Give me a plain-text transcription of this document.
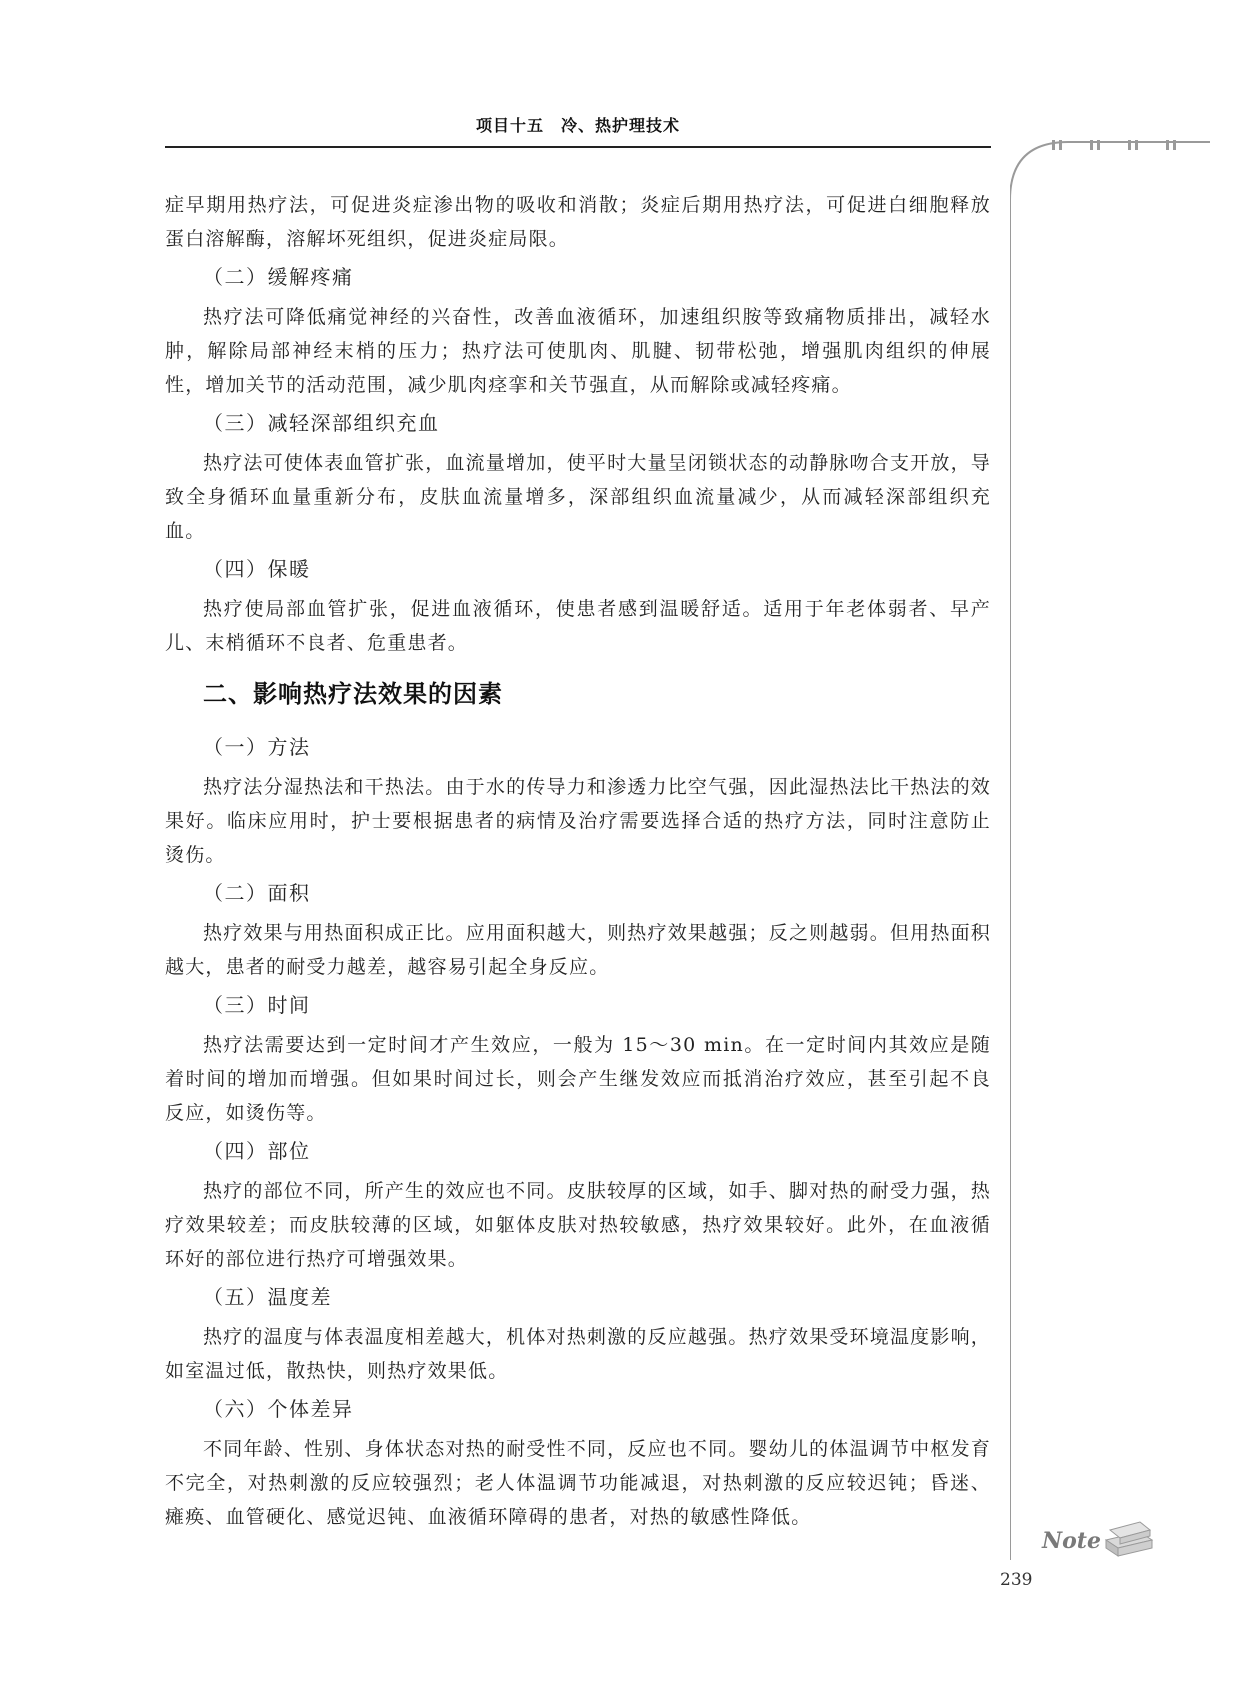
项目十五　冷、热护理技术

症早期用热疗法，可促进炎症渗出物的吸收和消散；炎症后期用热疗法，可促进白细胞释放蛋白溶解酶，溶解坏死组织，促进炎症局限。

（二）缓解疼痛

热疗法可降低痛觉神经的兴奋性，改善血液循环，加速组织胺等致痛物质排出，减轻水肿，解除局部神经末梢的压力；热疗法可使肌肉、肌腱、韧带松弛，增强肌肉组织的伸展性，增加关节的活动范围，减少肌肉痉挛和关节强直，从而解除或减轻疼痛。

（三）减轻深部组织充血

热疗法可使体表血管扩张，血流量增加，使平时大量呈闭锁状态的动静脉吻合支开放，导致全身循环血量重新分布，皮肤血流量增多，深部组织血流量减少，从而减轻深部组织充血。

（四）保暖

热疗使局部血管扩张，促进血液循环，使患者感到温暖舒适。适用于年老体弱者、早产儿、末梢循环不良者、危重患者。

二、影响热疗法效果的因素
（一）方法

热疗法分湿热法和干热法。由于水的传导力和渗透力比空气强，因此湿热法比干热法的效果好。临床应用时，护士要根据患者的病情及治疗需要选择合适的热疗方法，同时注意防止烫伤。

（二）面积

热疗效果与用热面积成正比。应用面积越大，则热疗效果越强；反之则越弱。但用热面积越大，患者的耐受力越差，越容易引起全身反应。

（三）时间

热疗法需要达到一定时间才产生效应，一般为 15～30 min。在一定时间内其效应是随着时间的增加而增强。但如果时间过长，则会产生继发效应而抵消治疗效应，甚至引起不良反应，如烫伤等。

（四）部位

热疗的部位不同，所产生的效应也不同。皮肤较厚的区域，如手、脚对热的耐受力强，热疗效果较差；而皮肤较薄的区域，如躯体皮肤对热较敏感，热疗效果较好。此外，在血液循环好的部位进行热疗可增强效果。

（五）温度差

热疗的温度与体表温度相差越大，机体对热刺激的反应越强。热疗效果受环境温度影响，如室温过低，散热快，则热疗效果低。

（六）个体差异

不同年龄、性别、身体状态对热的耐受性不同，反应也不同。婴幼儿的体温调节中枢发育不完全，对热刺激的反应较强烈；老人体温调节功能减退，对热刺激的反应较迟钝；昏迷、瘫痪、血管硬化、感觉迟钝、血液循环障碍的患者，对热的敏感性降低。

Note
239
